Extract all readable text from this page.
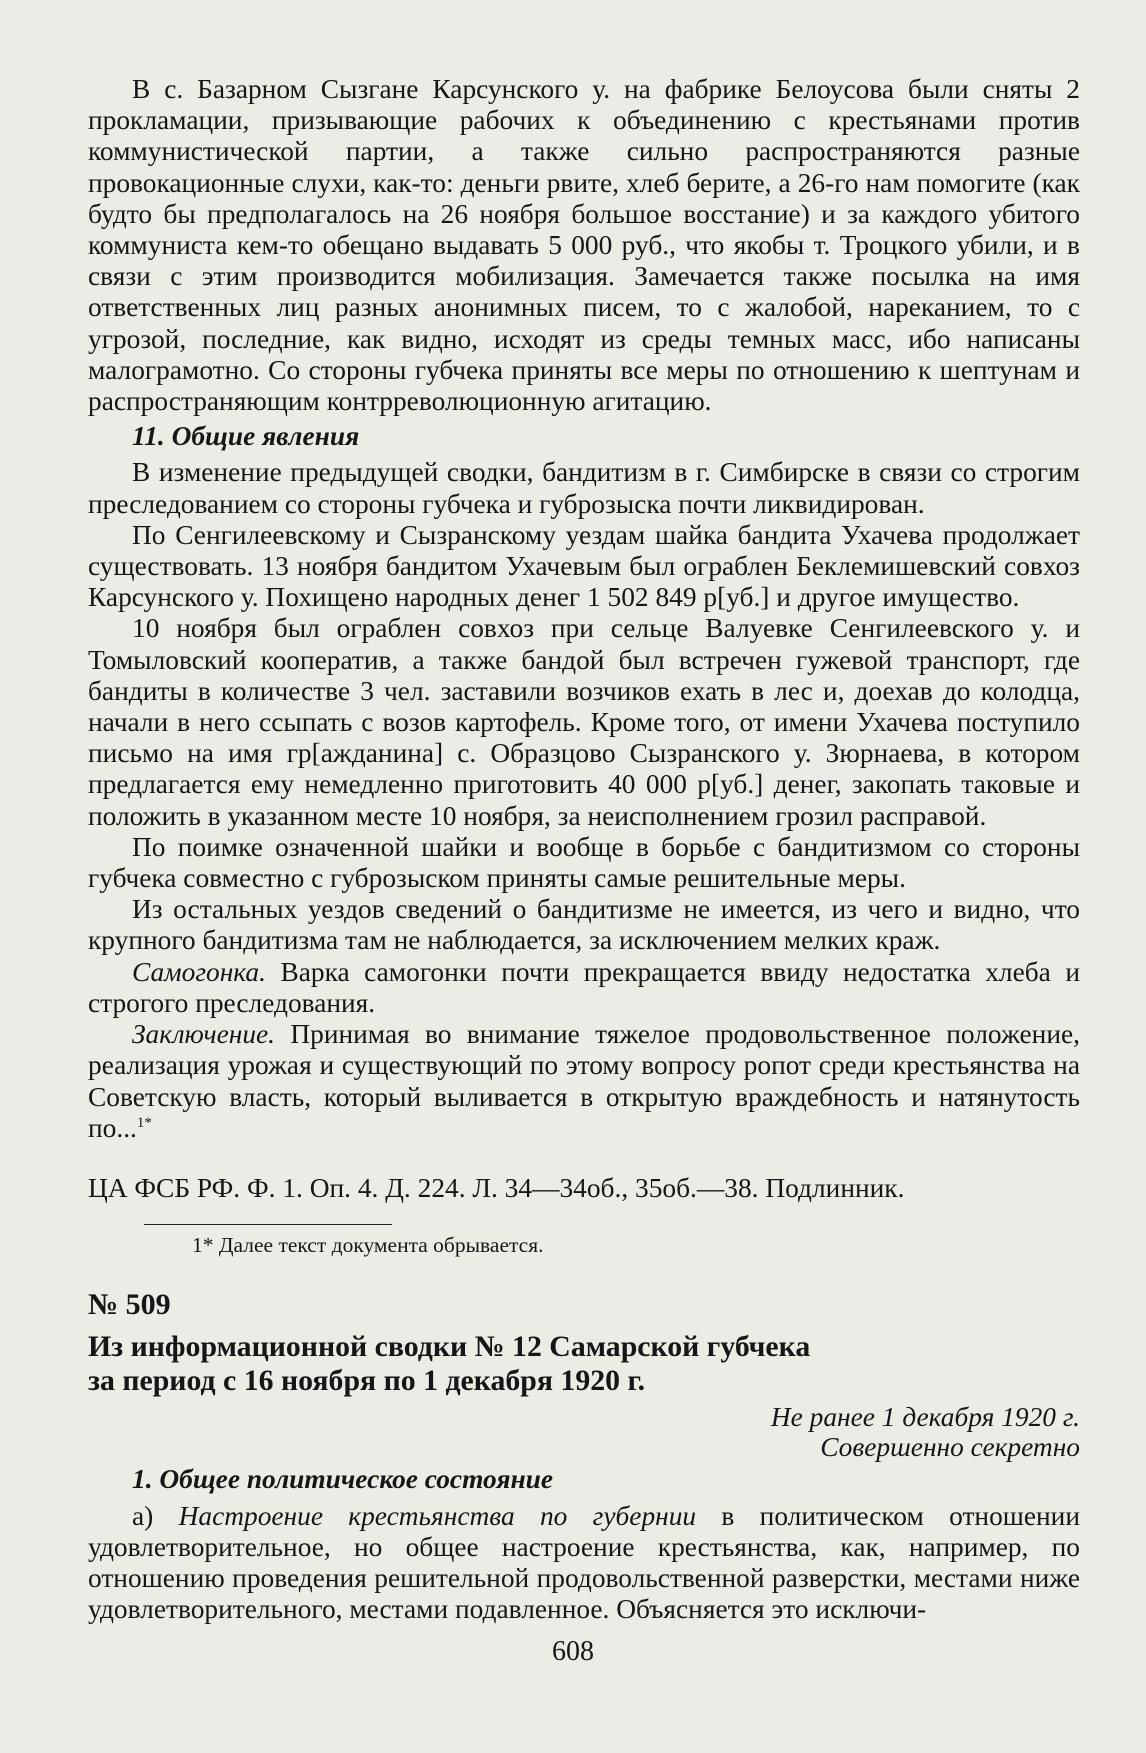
В с. Базарном Сызгане Карсунского у. на фабрике Белоусова были сняты 2 прокламации, призывающие рабочих к объединению с крестьянами против коммунистической партии, а также сильно распространяются разные провокационные слухи, как-то: деньги рвите, хлеб берите, а 26-го нам помогите (как будто бы предполагалось на 26 ноября большое восстание) и за каждого убитого коммуниста кем-то обещано выдавать 5 000 руб., что якобы т. Троцкого убили, и в связи с этим производится мобилизация. Замечается также посылка на имя ответственных лиц разных анонимных писем, то с жалобой, нареканием, то с угрозой, последние, как видно, исходят из среды темных масс, ибо написаны малограмотно. Со стороны губчека приняты все меры по отношению к шептунам и распространяющим контрреволюционную агитацию.

11. Общие явления

В изменение предыдущей сводки, бандитизм в г. Симбирске в связи со строгим преследованием со стороны губчека и губрозыска почти ликвидирован.

По Сенгилеевскому и Сызранскому уездам шайка бандита Ухачева продолжает существовать. 13 ноября бандитом Ухачевым был ограблен Беклемишевский совхоз Карсунского у. Похищено народных денег 1 502 849 р[уб.] и другое имущество.

10 ноября был ограблен совхоз при сельце Валуевке Сенгилеевского у. и Томыловский кооператив, а также бандой был встречен гужевой транспорт, где бандиты в количестве 3 чел. заставили возчиков ехать в лес и, доехав до колодца, начали в него ссыпать с возов картофель. Кроме того, от имени Ухачева поступило письмо на имя гр[ажданина] с. Образцово Сызранского у. Зюрнаева, в котором предлагается ему немедленно приготовить 40 000 р[уб.] денег, закопать таковые и положить в указанном месте 10 ноября, за неисполнением грозил расправой.

По поимке означенной шайки и вообще в борьбе с бандитизмом со стороны губчека совместно с губрозыском приняты самые решительные меры.

Из остальных уездов сведений о бандитизме не имеется, из чего и видно, что крупного бандитизма там не наблюдается, за исключением мелких краж.

Самогонка. Варка самогонки почти прекращается ввиду недостатка хлеба и строгого преследования.

Заключение. Принимая во внимание тяжелое продовольственное положение, реализация урожая и существующий по этому вопросу ропот среди крестьянства на Советскую власть, который выливается в открытую враждебность и натянутость по...$^{1*}$

ЦА ФСБ РФ. Ф. 1. Оп. 4. Д. 224. Л. 34—34об., 35об.—38. Подлинник.

1* Далее текст документа обрывается.

№ 509

Из информационной сводки № 12 Самарской губчека
за период с 16 ноября по 1 декабря 1920 г.

Не ранее 1 декабря 1920 г.
Совершенно секретно

1. Общее политическое состояние

а) Настроение крестьянства по губернии в политическом отношении удовлетворительное, но общее настроение крестьянства, как, например, по отношению проведения решительной продовольственной разверстки, местами ниже удовлетворительного, местами подавленное. Объясняется это исключи-

608
